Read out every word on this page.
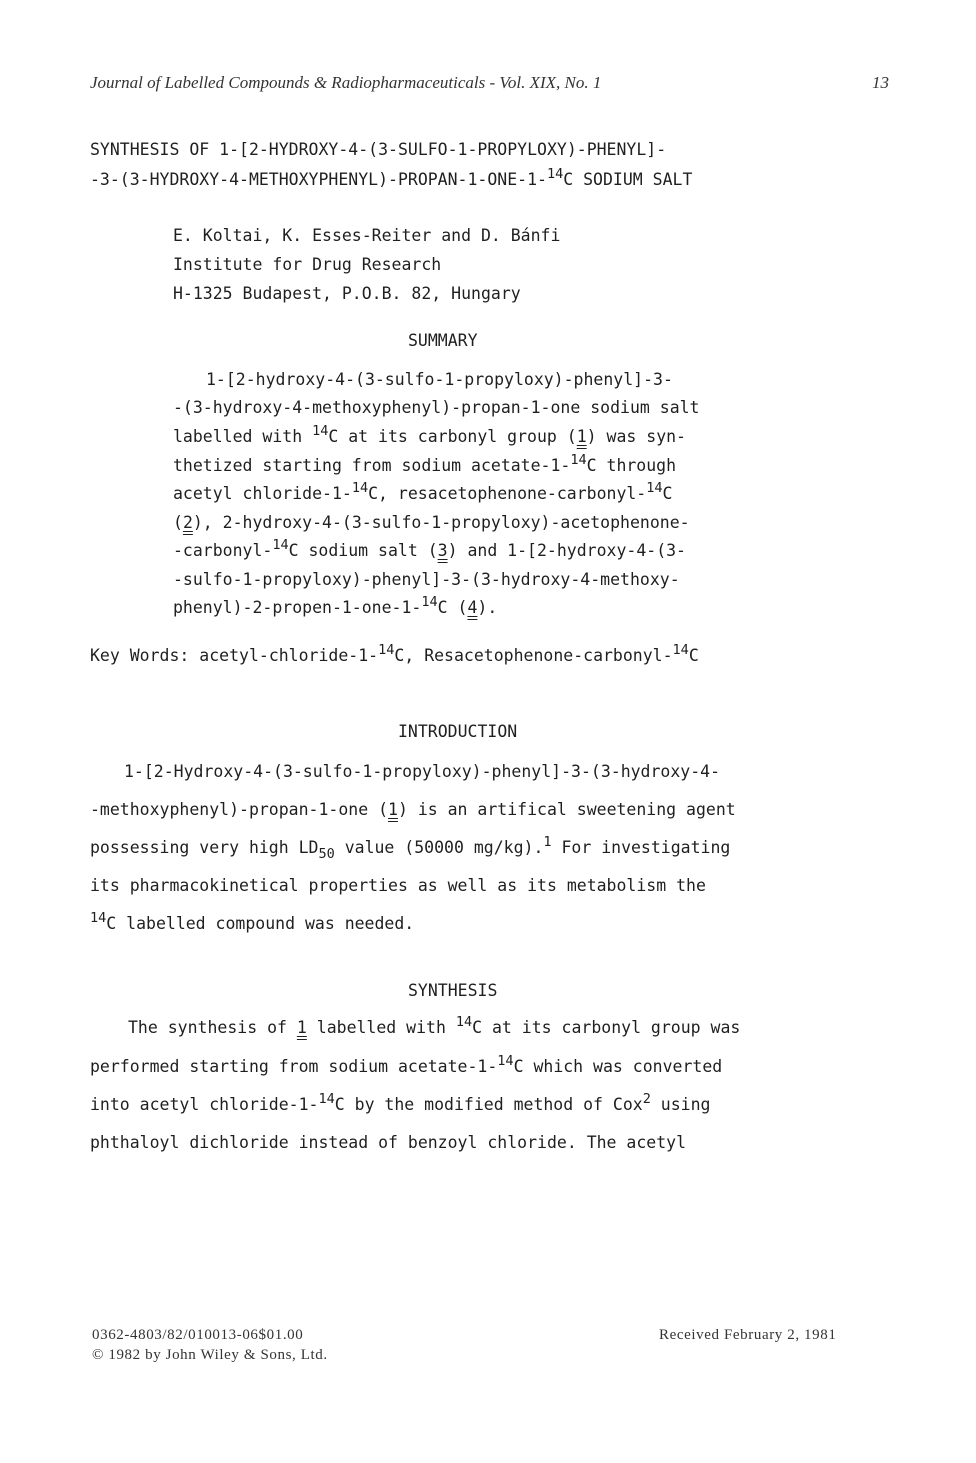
Journal of Labelled Compounds & Radiopharmaceuticals - Vol. XIX, No. 1	13
SYNTHESIS OF 1-[2-HYDROXY-4-(3-SULFO-1-PROPYLOXY)-PHENYL]-
-3-(3-HYDROXY-4-METHOXYPHENYL)-PROPAN-1-ONE-1-$^{14}$C SODIUM SALT
E. Koltai, K. Esses-Reiter and D. Bánfi
Institute for Drug Research
H-1325 Budapest, P.O.B. 82, Hungary
SUMMARY
1-[2-hydroxy-4-(3-sulfo-1-propyloxy)-phenyl]-3-
-(3-hydroxy-4-methoxyphenyl)-propan-1-one sodium salt
labelled with $^{14}$C at its carbonyl group (1) was syn-
thetized starting from sodium acetate-1-$^{14}$C through
acetyl chloride-1-$^{14}$C, resacetophenone-carbonyl-$^{14}$C
(2), 2-hydroxy-4-(3-sulfo-1-propyloxy)-acetophenone-
-carbonyl-$^{14}$C sodium salt (3) and 1-[2-hydroxy-4-(3-
-sulfo-1-propyloxy)-phenyl]-3-(3-hydroxy-4-methoxy-
phenyl)-2-propen-1-one-1-$^{14}$C (4).
Key Words: acetyl-chloride-1-$^{14}$C, Resacetophenone-carbonyl-$^{14}$C
INTRODUCTION
1-[2-Hydroxy-4-(3-sulfo-1-propyloxy)-phenyl]-3-(3-hydroxy-4-
-methoxyphenyl)-propan-1-one (1) is an artifical sweetening agent
possessing very high $LD_{50}$ value (50000 mg/kg).$^1$ For investigating
its pharmacokinetical properties as well as its metabolism the
$^{14}$C labelled compound was needed.
SYNTHESIS
The synthesis of 1 labelled with $^{14}$C at its carbonyl group was
performed starting from sodium acetate-1-$^{14}$C which was converted
into acetyl chloride-1-$^{14}$C by the modified method of Cox$^2$ using
phthaloyl dichloride instead of benzoyl chloride. The acetyl
0362-4803/82/010013-06$01.00
© 1982 by John Wiley & Sons, Ltd.
Received February 2, 1981
